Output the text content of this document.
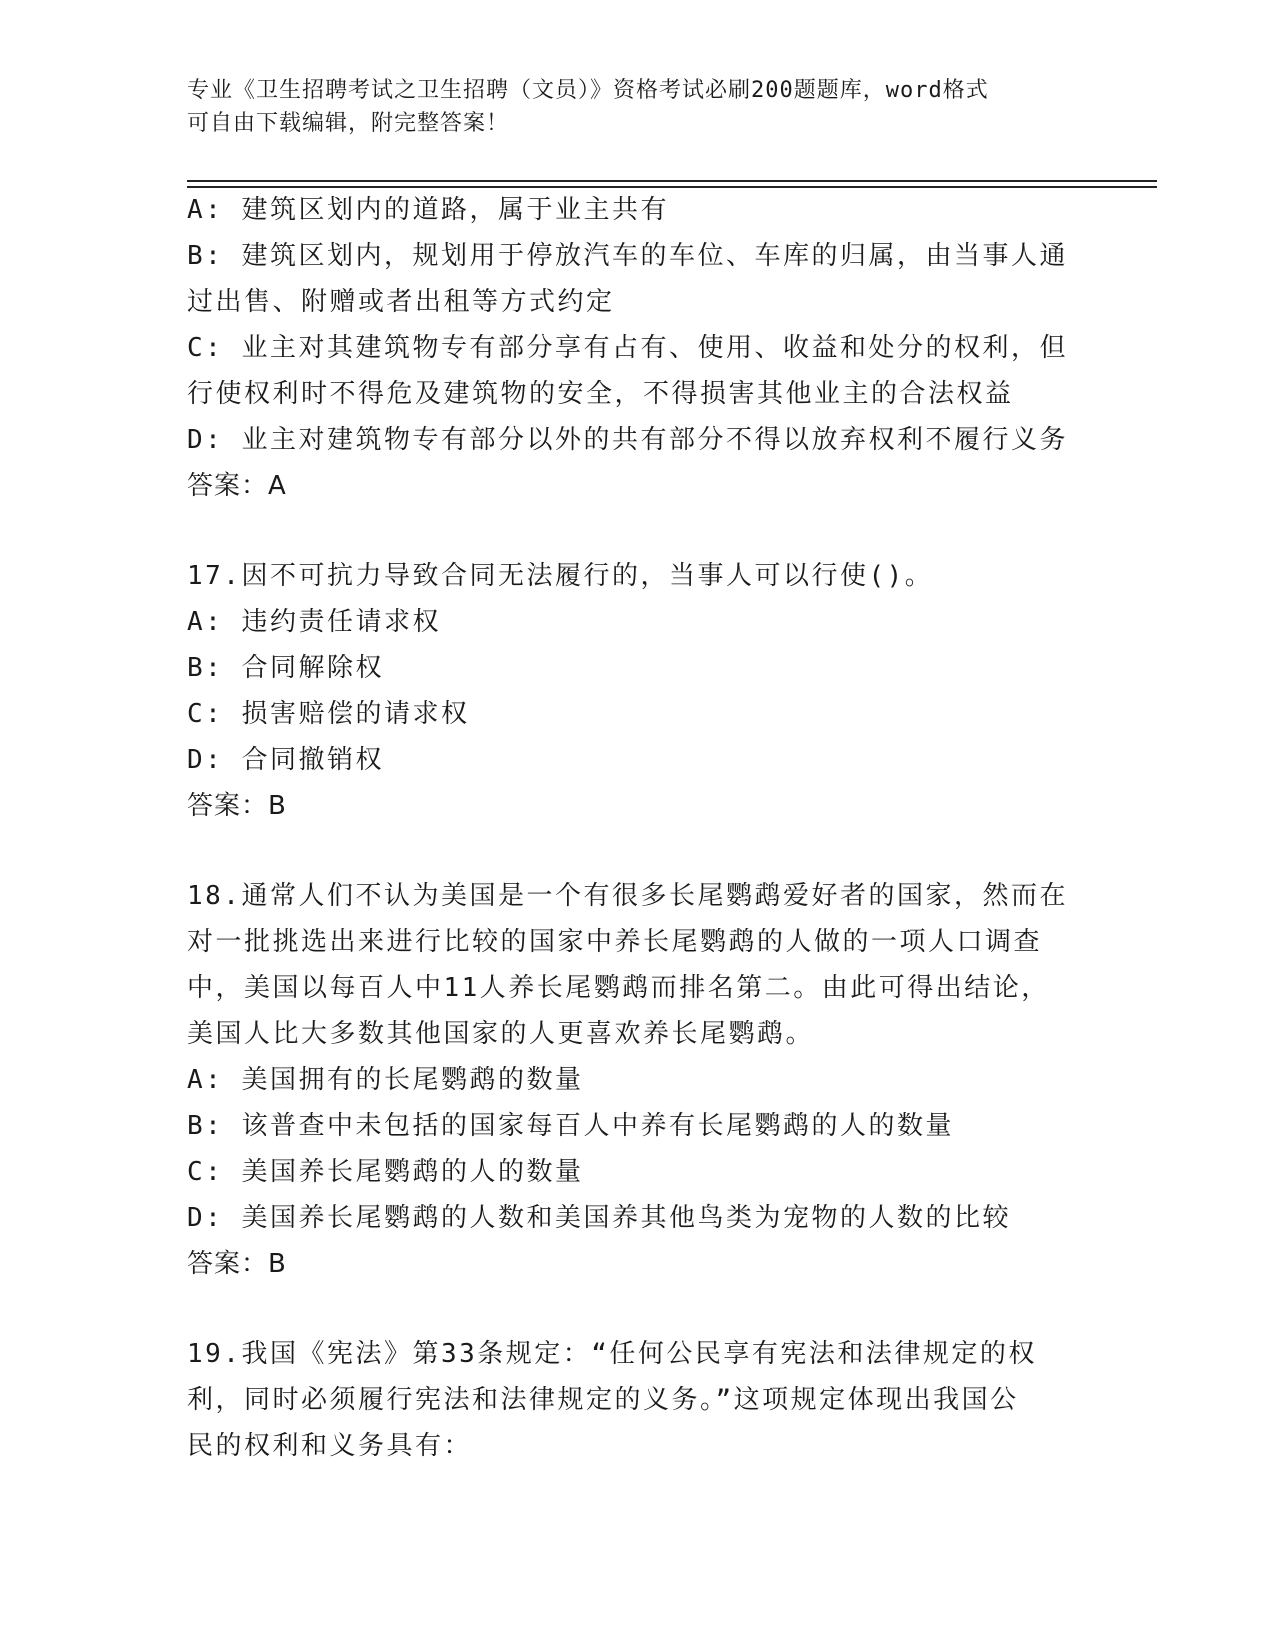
专业《卫生招聘考试之卫生招聘（文员）》资格考试必刷200题题库，word格式
可自由下载编辑，附完整答案！
A: 建筑区划内的道路，属于业主共有
B: 建筑区划内，规划用于停放汽车的车位、车库的归属，由当事人通
过出售、附赠或者出租等方式约定
C: 业主对其建筑物专有部分享有占有、使用、收益和处分的权利，但
行使权利时不得危及建筑物的安全，不得损害其他业主的合法权益
D: 业主对建筑物专有部分以外的共有部分不得以放弃权利不履行义务
答案：A
17.因不可抗力导致合同无法履行的，当事人可以行使()。
A: 违约责任请求权
B: 合同解除权
C: 损害赔偿的请求权
D: 合同撤销权
答案：B
18.通常人们不认为美国是一个有很多长尾鹦鹉爱好者的国家，然而在
对一批挑选出来进行比较的国家中养长尾鹦鹉的人做的一项人口调查
中，美国以每百人中11人养长尾鹦鹉而排名第二。由此可得出结论，
美国人比大多数其他国家的人更喜欢养长尾鹦鹉。
A: 美国拥有的长尾鹦鹉的数量
B: 该普查中未包括的国家每百人中养有长尾鹦鹉的人的数量
C: 美国养长尾鹦鹉的人的数量
D: 美国养长尾鹦鹉的人数和美国养其他鸟类为宠物的人数的比较
答案：B
19.我国《宪法》第33条规定：“任何公民享有宪法和法律规定的权
利，同时必须履行宪法和法律规定的义务。”这项规定体现出我国公
民的权利和义务具有：
